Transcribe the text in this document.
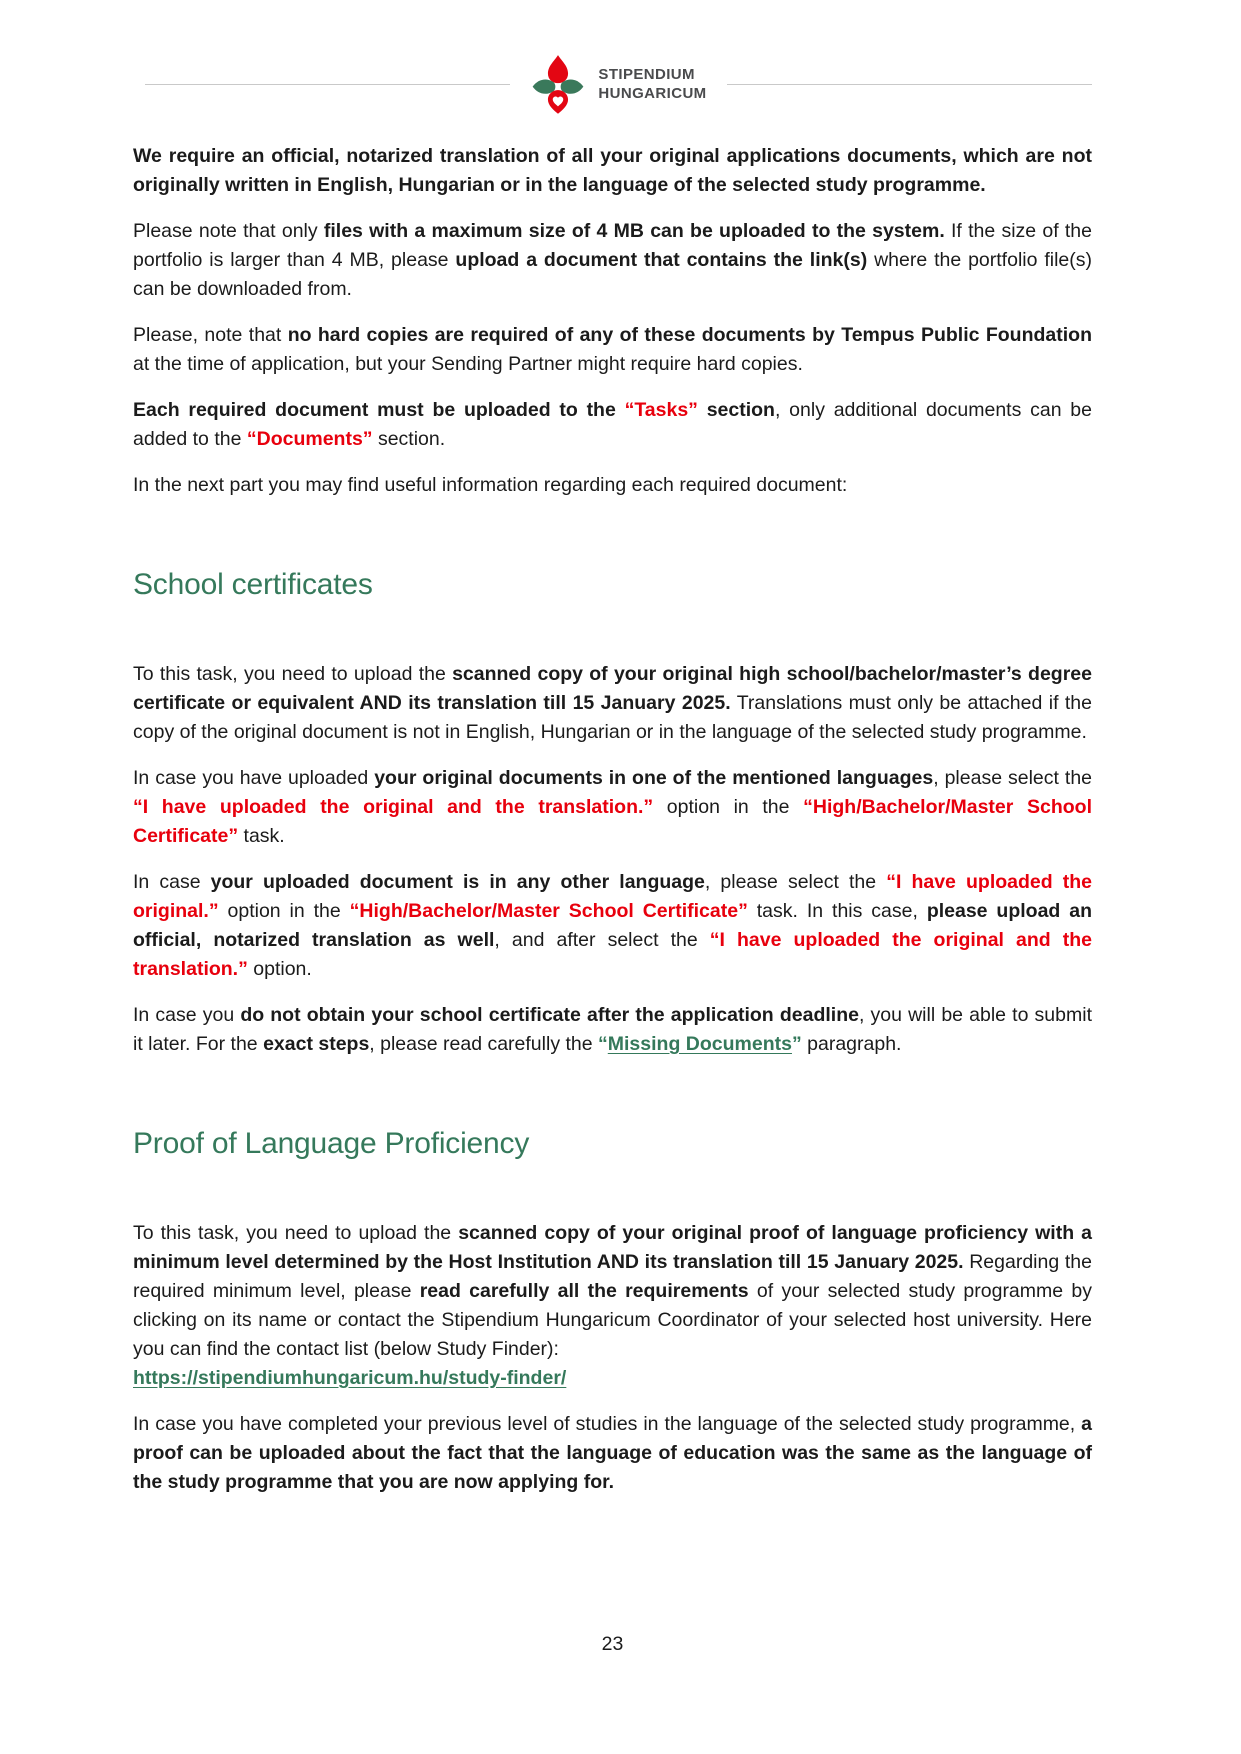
STIPENDIUM
HUNGARICUM

We require an official, notarized translation of all your original applications documents, which are not originally written in English, Hungarian or in the language of the selected study programme.

Please note that only files with a maximum size of 4 MB can be uploaded to the system. If the size of the portfolio is larger than 4 MB, please upload a document that contains the link(s) where the portfolio file(s) can be downloaded from.

Please, note that no hard copies are required of any of these documents by Tempus Public Foundation at the time of application, but your Sending Partner might require hard copies.

Each required document must be uploaded to the “Tasks” section, only additional documents can be added to the “Documents” section.

In the next part you may find useful information regarding each required document:

School certificates

To this task, you need to upload the scanned copy of your original high school/bachelor/master’s degree certificate or equivalent AND its translation till 15 January 2025. Translations must only be attached if the copy of the original document is not in English, Hungarian or in the language of the selected study programme.

In case you have uploaded your original documents in one of the mentioned languages, please select the “I have uploaded the original and the translation.” option in the “High/Bachelor/Master School Certificate” task.

In case your uploaded document is in any other language, please select the “I have uploaded the original.” option in the “High/Bachelor/Master School Certificate” task. In this case, please upload an official, notarized translation as well, and after select the “I have uploaded the original and the translation.” option.

In case you do not obtain your school certificate after the application deadline, you will be able to submit it later. For the exact steps, please read carefully the “Missing Documents” paragraph.

Proof of Language Proficiency

To this task, you need to upload the scanned copy of your original proof of language proficiency with a minimum level determined by the Host Institution AND its translation till 15 January 2025. Regarding the required minimum level, please read carefully all the requirements of your selected study programme by clicking on its name or contact the Stipendium Hungaricum Coordinator of your selected host university. Here you can find the contact list (below Study Finder):
https://stipendiumhungaricum.hu/study-finder/

In case you have completed your previous level of studies in the language of the selected study programme, a proof can be uploaded about the fact that the language of education was the same as the language of the study programme that you are now applying for.

23
